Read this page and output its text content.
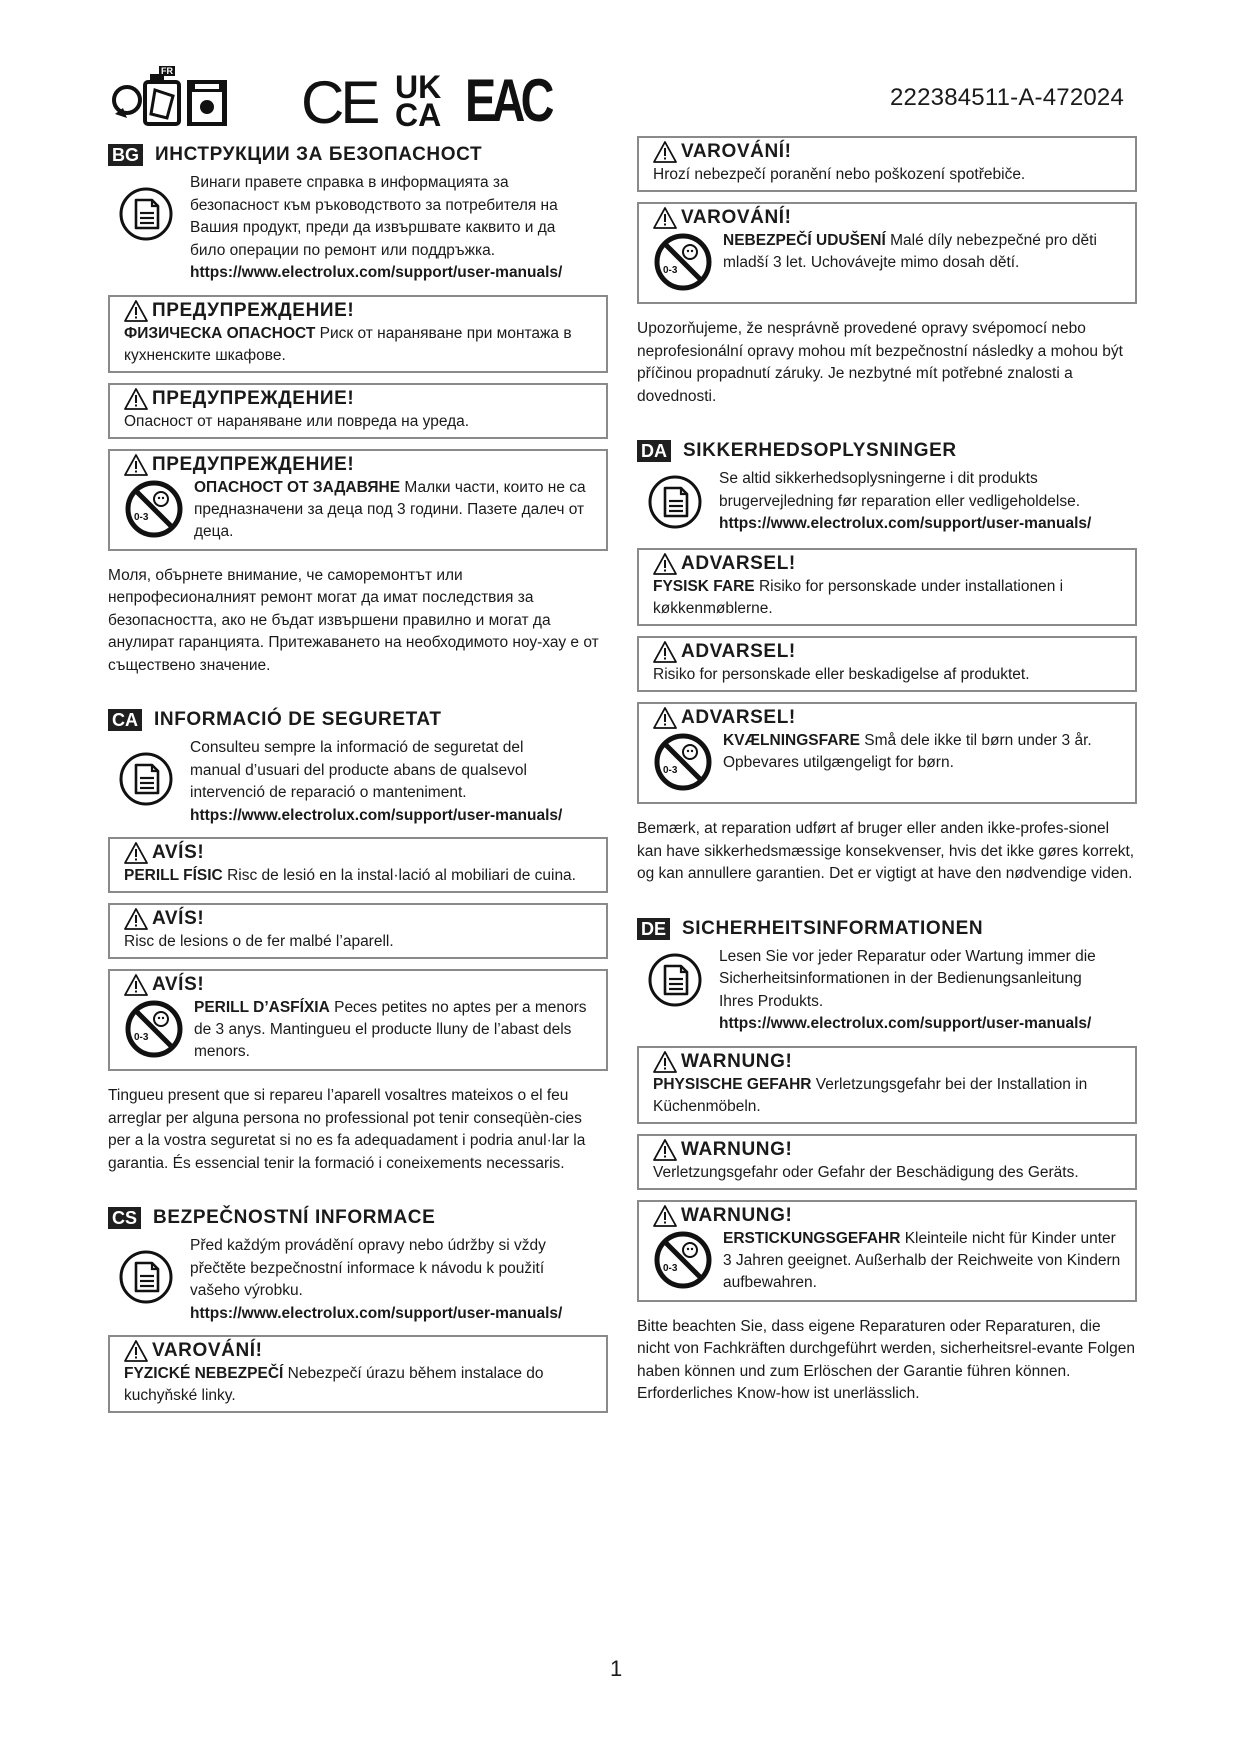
FR CE UK
CA EAC	222384511-A-472024
BG ИНСТРУКЦИИ ЗА БЕЗОПАСНОСТ
Винаги правете справка в информацията за
безопасност към ръководството за потребителя на
Вашия продукт, преди да извършвате каквито и да
било операции по ремонт или поддръжка.
https://www.electrolux.com/support/user-manuals/
ПРЕДУПРЕЖДЕНИЕ!
ФИЗИЧЕСКА ОПАСНОСТ Риск от нараняване при монтажа в кухненските шкафове.
ПРЕДУПРЕЖДЕНИЕ!
Опасност от нараняване или повреда на уреда.
ПРЕДУПРЕЖДЕНИЕ!
ОПАСНОСТ ОТ ЗАДАВЯНЕ Малки части, които не са предназначени за деца под 3 години. Пазете далеч от деца.
Моля, обърнете внимание, че саморемонтът или непрофесионалният ремонт могат да имат последствия за безопасността, ако не бъдат извършени правилно и могат да анулират гаранцията. Притежаването на необходимото ноу-хау е от съществено значение.
CA INFORMACIÓ DE SEGURETAT
Consulteu sempre la informació de seguretat del
manual d’usuari del producte abans de qualsevol
intervenció de reparació o manteniment.
https://www.electrolux.com/support/user-manuals/
AVÍS!
PERILL FÍSIC Risc de lesió en la instal·lació al mobiliari de cuina.
AVÍS!
Risc de lesions o de fer malbé l’aparell.
AVÍS!
PERILL D’ASFÍXIA Peces petites no aptes per a menors de 3 anys. Mantingueu el producte lluny de l’abast dels menors.
Tingueu present que si repareu l’aparell vosaltres mateixos o el feu arreglar per alguna persona no professional pot tenir conseqüèn-cies per a la vostra seguretat si no es fa adequadament i podria anul·lar la garantia. És essencial tenir la formació i coneixements necessaris.
CS BEZPEČNOSTNÍ INFORMACE
Před každým provádění opravy nebo údržby si vždy
přečtěte bezpečnostní informace k návodu k použití
vašeho výrobku.
https://www.electrolux.com/support/user-manuals/
VAROVÁNÍ!
FYZICKÉ NEBEZPEČÍ Nebezpečí úrazu během instalace do kuchyňské linky.
VAROVÁNÍ!
Hrozí nebezpečí poranění nebo poškození spotřebiče.
VAROVÁNÍ!
NEBEZPEČÍ UDUŠENÍ Malé díly nebezpečné pro děti mladší 3 let. Uchovávejte mimo dosah dětí.
Upozorňujeme, že nesprávně provedené opravy svépomocí nebo neprofesionální opravy mohou mít bezpečnostní následky a mohou být příčinou propadnutí záruky. Je nezbytné mít potřebné znalosti a dovednosti.
DA SIKKERHEDSOPLYSNINGER
Se altid sikkerhedsoplysningerne i dit produkts
brugervejledning før reparation eller vedligeholdelse.
https://www.electrolux.com/support/user-manuals/
ADVARSEL!
FYSISK FARE Risiko for personskade under installationen i køkkenmøblerne.
ADVARSEL!
Risiko for personskade eller beskadigelse af produktet.
ADVARSEL!
KVÆLNINGSFARE Små dele ikke til børn under 3 år. Opbevares utilgængeligt for børn.
Bemærk, at reparation udført af bruger eller anden ikke-profes-sionel kan have sikkerhedsmæssige konsekvenser, hvis det ikke gøres korrekt, og kan annullere garantien. Det er vigtigt at have den nødvendige viden.
DE SICHERHEITSINFORMATIONEN
Lesen Sie vor jeder Reparatur oder Wartung immer die
Sicherheitsinformationen in der Bedienungsanleitung
Ihres Produkts.
https://www.electrolux.com/support/user-manuals/
WARNUNG!
PHYSISCHE GEFAHR Verletzungsgefahr bei der Installation in Küchenmöbeln.
WARNUNG!
Verletzungsgefahr oder Gefahr der Beschädigung des Geräts.
WARNUNG!
ERSTICKUNGSGEFAHR Kleinteile nicht für Kinder unter 3 Jahren geeignet. Außerhalb der Reichweite von Kindern aufbewahren.
Bitte beachten Sie, dass eigene Reparaturen oder Reparaturen, die nicht von Fachkräften durchgeführt werden, sicherheitsrel-evante Folgen haben können und zum Erlöschen der Garantie führen können. Erforderliches Know-how ist unerlässlich.
1
